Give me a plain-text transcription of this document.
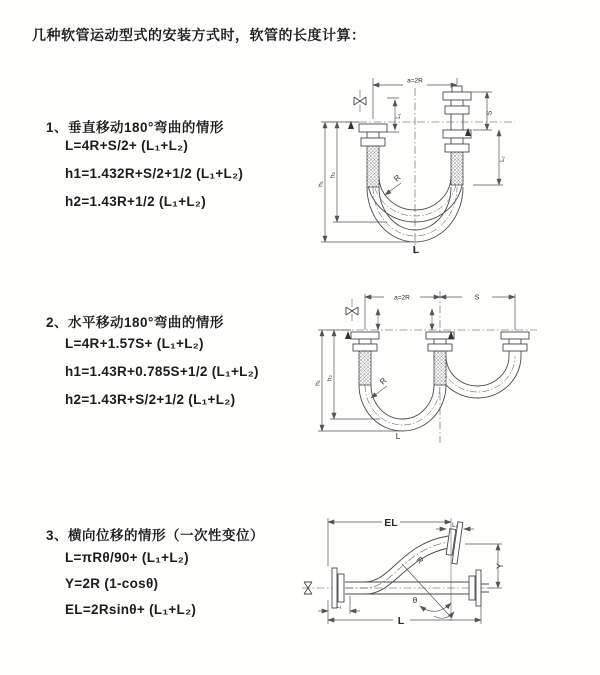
几种软管运动型式的安装方式时，软管的长度计算：
1、垂直移动180°弯曲的情形
L=4R+S/2+ (L₁+L₂)
h1=1.432R+S/2+1/2 (L₁+L₂)
h2=1.43R+1/2 (L₁+L₂)
2、水平移动180°弯曲的情形
L=4R+1.57S+ (L₁+L₂)
h1=1.43R+0.785S+1/2 (L₁+L₂)
h2=1.43R+S/2+1/2 (L₁+L₂)
3、横向位移的情形（一次性变位）
L=πRθ/90+ (L₁+L₂)
Y=2R (1-cosθ)
EL=2Rsinθ+ (L₁+L₂)
a=2R
S
L₂
L₁
h₁
h₂	R
L
a=2R	S
h₁
h₂	R
L
EL	L₂
Y
R
θ
L
L₁
